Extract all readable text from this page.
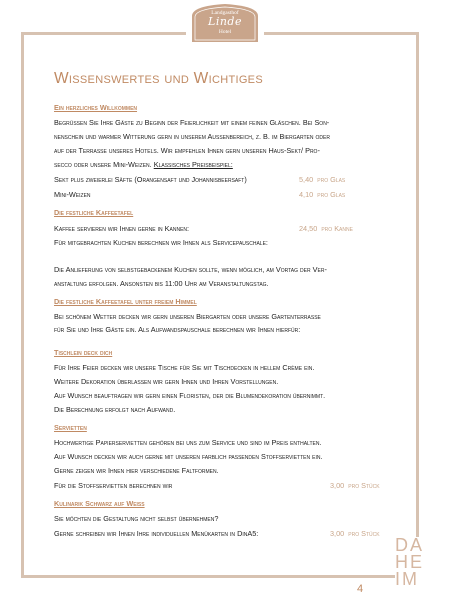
Landgasthof
Linde
Hotel
Wissenswertes und Wichtiges
Ein herzliches Willkommen

Begrüßen Sie Ihre Gäste zu Beginn der Feierlichkeit mit einem feinen Gläschen. Bei Son-

nenschein und warmer Witterung gern in unserem Außenbereich, z. B. im Biergarten oder

auf der Terrasse unseres Hotels. Wir empfehlen Ihnen gern unseren Haus-Sekt/ Pro-

secco oder unsere Mini-Weizen. Klassisches Preisbeispiel:

Sekt plus zweierlei Säfte (Orangensaft und Johannisbeersaft)	5,40 pro Glas
Mini-Weizen	4,10 pro Glas
Die festliche Kaffeetafel
Kaffee servieren wir Ihnen gerne in Kannen:	24,50 pro Kanne

Für mitgebrachten Kuchen berechnen wir Ihnen als Servicepauschale:

Die Anlieferung von selbstgebackenem Kuchen sollte, wenn möglich, am Vortag der Ver-

anstaltung erfolgen. Ansonsten bis 11:00 Uhr am Veranstaltungstag.

Die festliche Kaffeetafel unter freiem Himmel

Bei schönem Wetter decken wir gern unseren Biergarten oder unsere Gartenterrasse

für Sie und Ihre Gäste ein. Als Aufwandspauschale berechnen wir Ihnen hierfür:

Tischlein deck dich

Für Ihre Feier decken wir unsere Tische für Sie mit Tischdecken in hellem Crème ein.

Weitere Dekoration überlassen wir gern Ihnen und Ihren Vorstellungen.

Auf Wunsch beauftragen wir gern einen Floristen, der die Blumendekoration übernimmt.

Die Berechnung erfolgt nach Aufwand.

Servietten

Hochwertige Papierservietten gehören bei uns zum Service und sind im Preis enthalten.

Auf Wunsch decken wir auch gerne mit unseren farblich passenden Stoffservietten ein.

Gerne zeigen wir Ihnen hier verschiedene Faltformen.

Für die Stoffservietten berechnen wir	3,00 pro Stück
Kulinarik Schwarz auf Weiß

Sie möchten die Gestaltung nicht selbst übernehmen?

Gerne schreiben wir Ihnen Ihre individuellen Menükarten in DinA5:	3,00 pro Stück
DA
HE
IM
4
